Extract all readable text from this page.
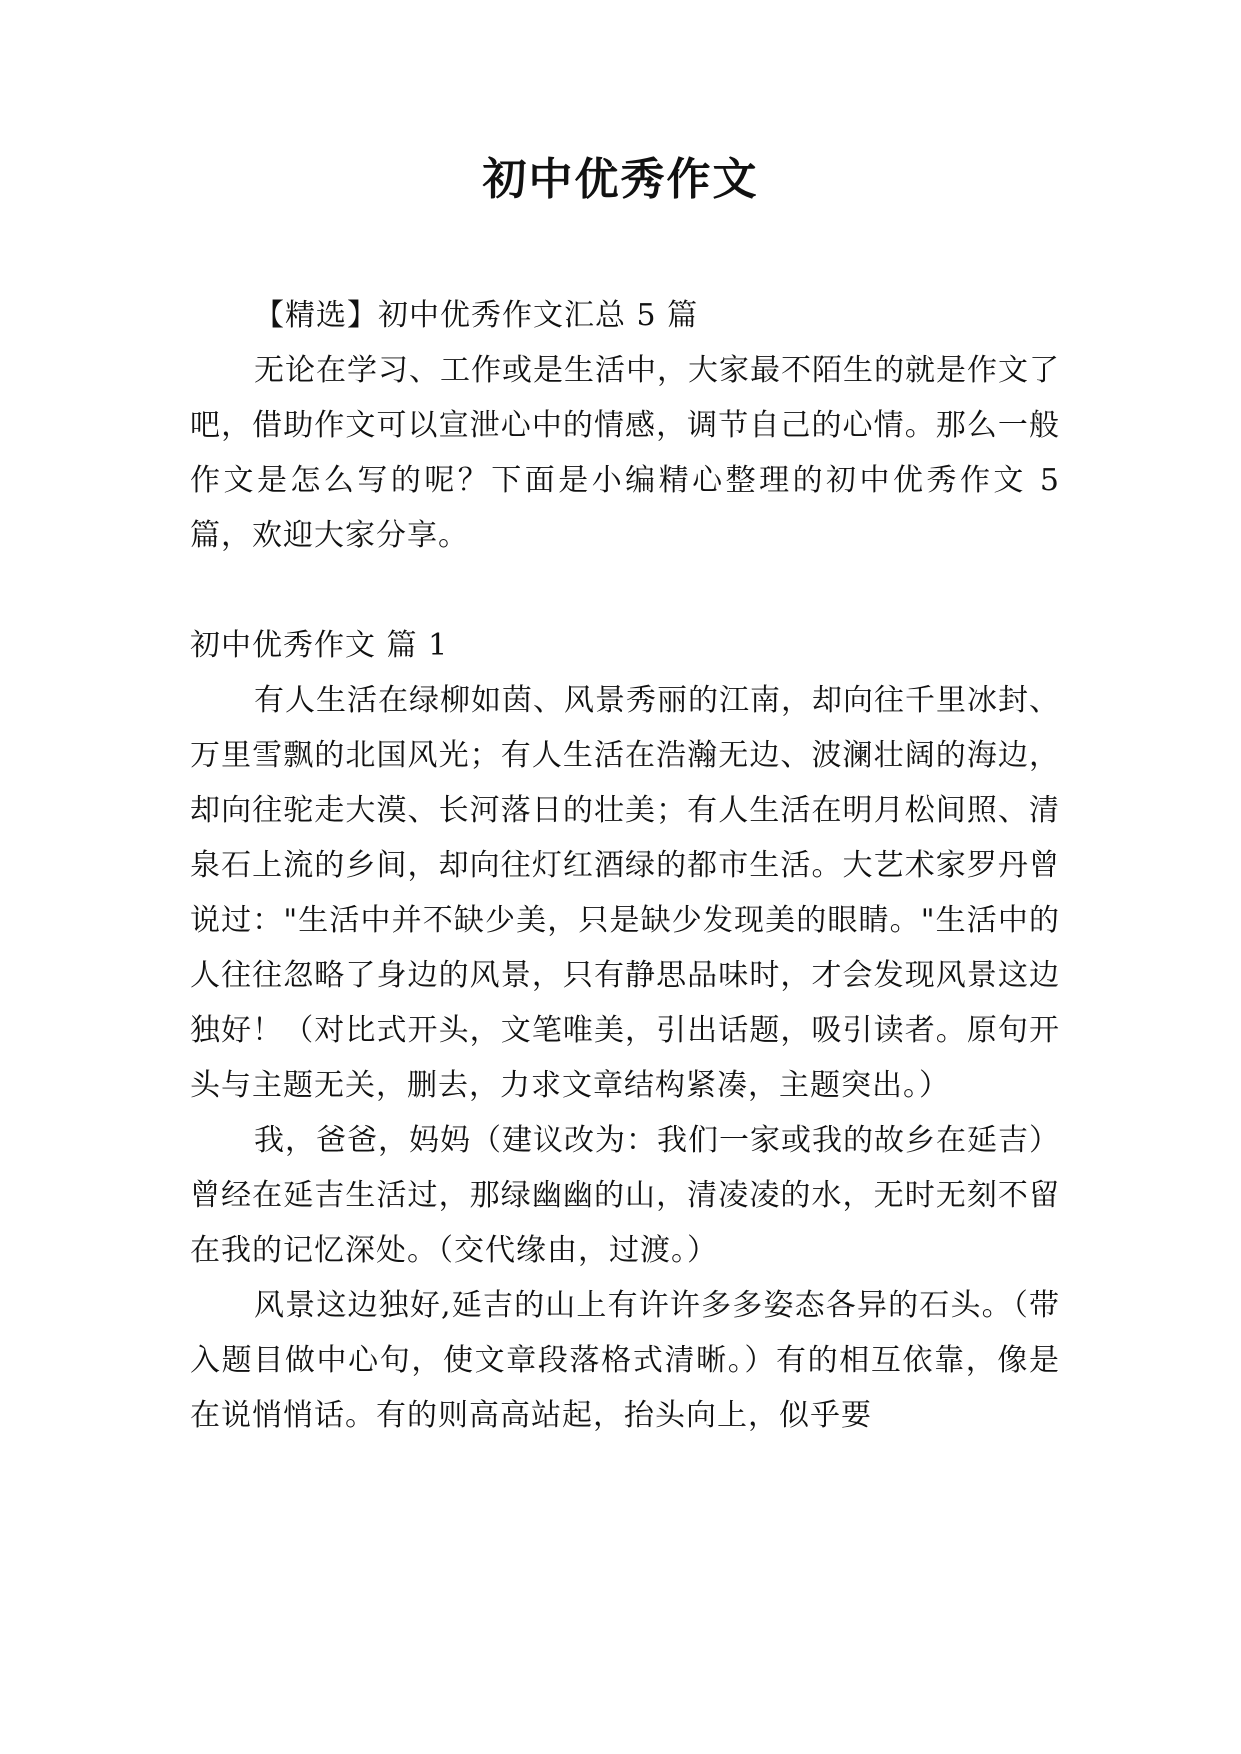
初中优秀作文

【精选】初中优秀作文汇总 5 篇

无论在学习、工作或是生活中，大家最不陌生的就是作文了吧，借助作文可以宣泄心中的情感，调节自己的心情。那么一般作文是怎么写的呢？下面是小编精心整理的初中优秀作文 5 篇，欢迎大家分享。

初中优秀作文 篇 1

有人生活在绿柳如茵、风景秀丽的江南，却向往千里冰封、万里雪飘的北国风光；有人生活在浩瀚无边、波澜壮阔的海边，却向往驼走大漠、长河落日的壮美；有人生活在明月松间照、清泉石上流的乡间，却向往灯红酒绿的都市生活。大艺术家罗丹曾说过："生活中并不缺少美，只是缺少发现美的眼睛。"生活中的人往往忽略了身边的风景，只有静思品味时，才会发现风景这边独好！（对比式开头，文笔唯美，引出话题，吸引读者。原句开头与主题无关，删去，力求文章结构紧凑，主题突出。）

我，爸爸，妈妈（建议改为：我们一家或我的故乡在延吉）曾经在延吉生活过，那绿幽幽的山，清凌凌的水，无时无刻不留在我的记忆深处。（交代缘由，过渡。）

风景这边独好,延吉的山上有许许多多姿态各异的石头。（带入题目做中心句，使文章段落格式清晰。）有的相互依靠，像是在说悄悄话。有的则高高站起，抬头向上，似乎要
